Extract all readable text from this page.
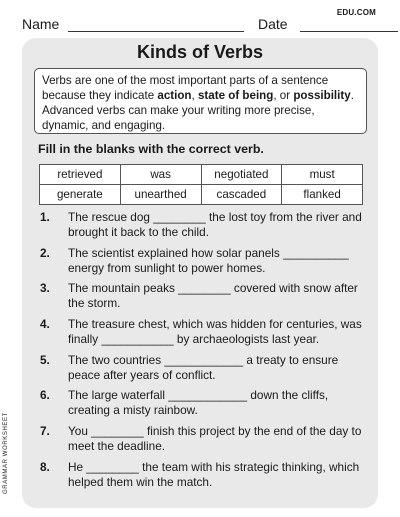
Name	Date
EDU.COM
Kinds of Verbs
Verbs are one of the most important parts of a sentence because they indicate action, state of being, or possibility. Advanced verbs can make your writing more precise, dynamic, and engaging.
Fill in the blanks with the correct verb.
retrieved	was	negotiated	must
generate	unearthed	cascaded	flanked
1. The rescue dog ________ the lost toy from the river and brought it back to the child.
2. The scientist explained how solar panels __________ energy from sunlight to power homes.
3. The mountain peaks ________ covered with snow after the storm.
4. The treasure chest, which was hidden for centuries, was finally ___________ by archaeologists last year.
5. The two countries ____________ a treaty to ensure peace after years of conflict.
6. The large waterfall ____________ down the cliffs, creating a misty rainbow.
7. You ________ finish this project by the end of the day to meet the deadline.
8. He ________ the team with his strategic thinking, which helped them win the match.
GRAMMAR WORKSHEET
